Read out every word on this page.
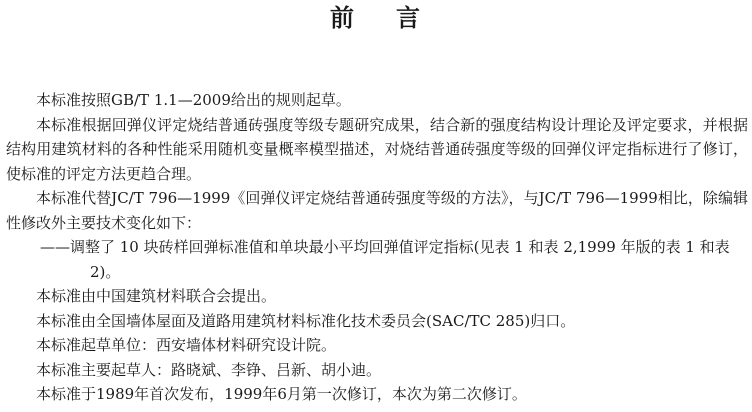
前 言

本标准按照GB/T 1.1—2009给出的规则起草。

本标准根据回弹仪评定烧结普通砖强度等级专题研究成果，结合新的强度结构设计理论及评定要求，并根据结构用建筑材料的各种性能采用随机变量概率模型描述，对烧结普通砖强度等级的回弹仪评定指标进行了修订，使标准的评定方法更趋合理。

本标准代替JC/T 796—1999《回弹仪评定烧结普通砖强度等级的方法》，与JC/T 796—1999相比，除编辑性修改外主要技术变化如下：

——调整了 10 块砖样回弹标准值和单块最小平均回弹值评定指标(见表 1 和表 2,1999 年版的表 1 和表 2)。

本标准由中国建筑材料联合会提出。

本标准由全国墙体屋面及道路用建筑材料标准化技术委员会(SAC/TC 285)归口。

本标准起草单位：西安墙体材料研究设计院。

本标准主要起草人：路晓斌、李铮、吕新、胡小迪。

本标准于1989年首次发布，1999年6月第一次修订，本次为第二次修订。
